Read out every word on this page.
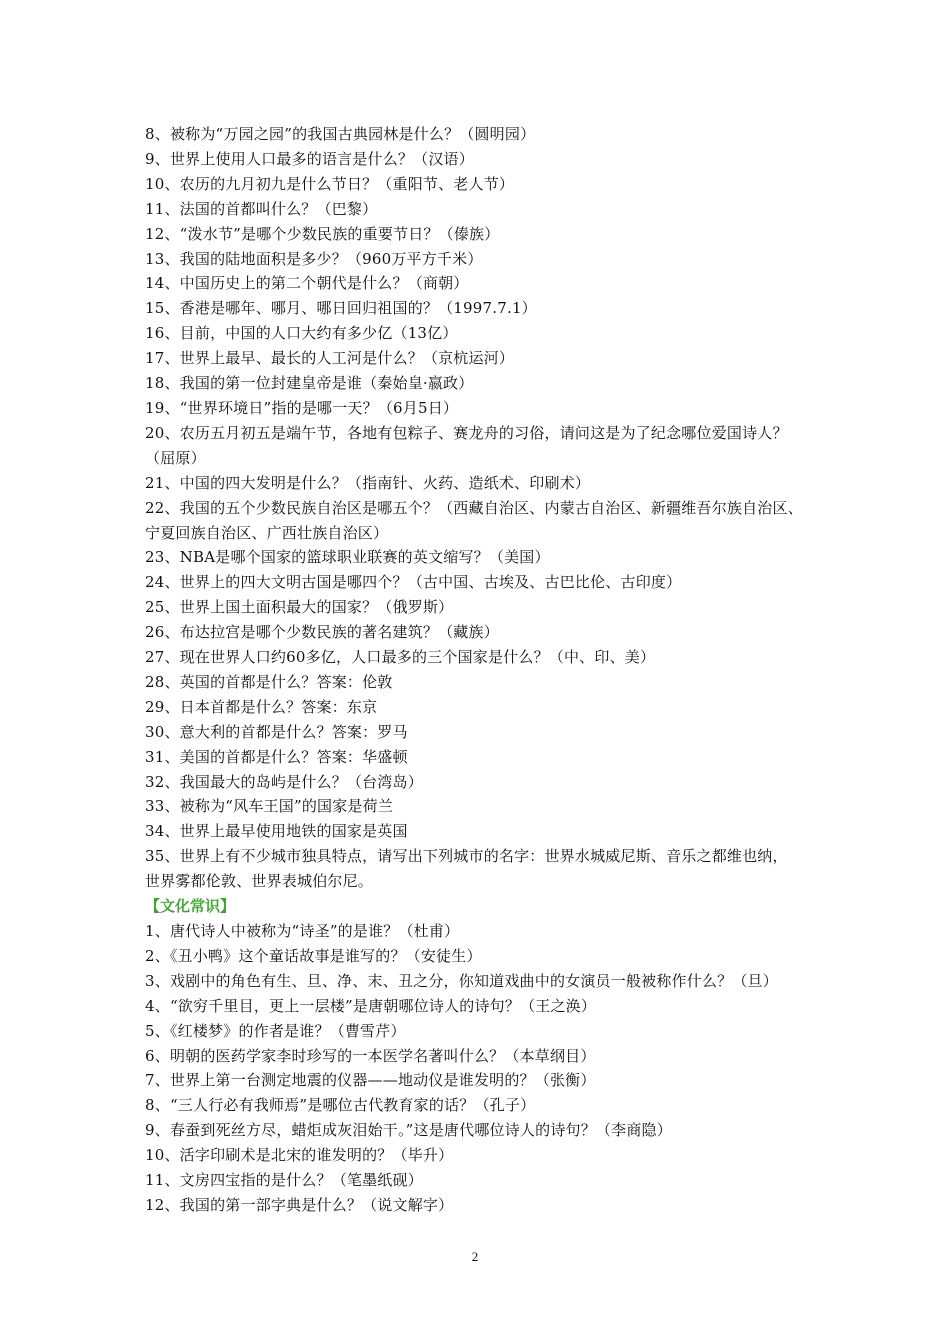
8、被称为“万园之园”的我国古典园林是什么？（圆明园）
9、世界上使用人口最多的语言是什么？（汉语）
10、农历的九月初九是什么节日？（重阳节、老人节）
11、法国的首都叫什么？（巴黎）
12、“泼水节”是哪个少数民族的重要节日？（傣族）
13、我国的陆地面积是多少？（960万平方千米）
14、中国历史上的第二个朝代是什么？（商朝）
15、香港是哪年、哪月、哪日回归祖国的？（1997.7.1）
16、目前，中国的人口大约有多少亿（13亿）
17、世界上最早、最长的人工河是什么？（京杭运河）
18、我国的第一位封建皇帝是谁（秦始皇·嬴政）
19、“世界环境日”指的是哪一天？（6月5日）
20、农历五月初五是端午节，各地有包粽子、赛龙舟的习俗，请问这是为了纪念哪位爱国诗人？
（屈原）
21、中国的四大发明是什么？（指南针、火药、造纸术、印刷术）
22、我国的五个少数民族自治区是哪五个？（西藏自治区、内蒙古自治区、新疆维吾尔族自治区、
宁夏回族自治区、广西壮族自治区）
23、NBA是哪个国家的篮球职业联赛的英文缩写？（美国）
24、世界上的四大文明古国是哪四个？（古中国、古埃及、古巴比伦、古印度）
25、世界上国土面积最大的国家？（俄罗斯）
26、布达拉宫是哪个少数民族的著名建筑？（藏族）
27、现在世界人口约60多亿，人口最多的三个国家是什么？（中、印、美）
28、英国的首都是什么？答案：伦敦
29、日本首都是什么？答案：东京
30、意大利的首都是什么？答案：罗马
31、美国的首都是什么？答案：华盛顿
32、我国最大的岛屿是什么？（台湾岛）
33、被称为“风车王国”的国家是荷兰
34、世界上最早使用地铁的国家是英国
35、世界上有不少城市独具特点，请写出下列城市的名字：世界水城威尼斯、音乐之都维也纳，
世界雾都伦敦、世界表城伯尔尼。
【文化常识】
1、唐代诗人中被称为“诗圣”的是谁？（杜甫）
2、《丑小鸭》这个童话故事是谁写的？（安徒生）
3、戏剧中的角色有生、旦、净、末、丑之分，你知道戏曲中的女演员一般被称作什么？（旦）
4、“欲穷千里目，更上一层楼”是唐朝哪位诗人的诗句？（王之涣）
5、《红楼梦》的作者是谁？（曹雪芹）
6、明朝的医药学家李时珍写的一本医学名著叫什么？（本草纲目）
7、世界上第一台测定地震的仪器——地动仪是谁发明的？（张衡）
8、“三人行必有我师焉”是哪位古代教育家的话？（孔子）
9、春蚕到死丝方尽，蜡炬成灰泪始干。”这是唐代哪位诗人的诗句？（李商隐）
10、活字印刷术是北宋的谁发明的？（毕升）
11、文房四宝指的是什么？（笔墨纸砚）
12、我国的第一部字典是什么？（说文解字）
2
